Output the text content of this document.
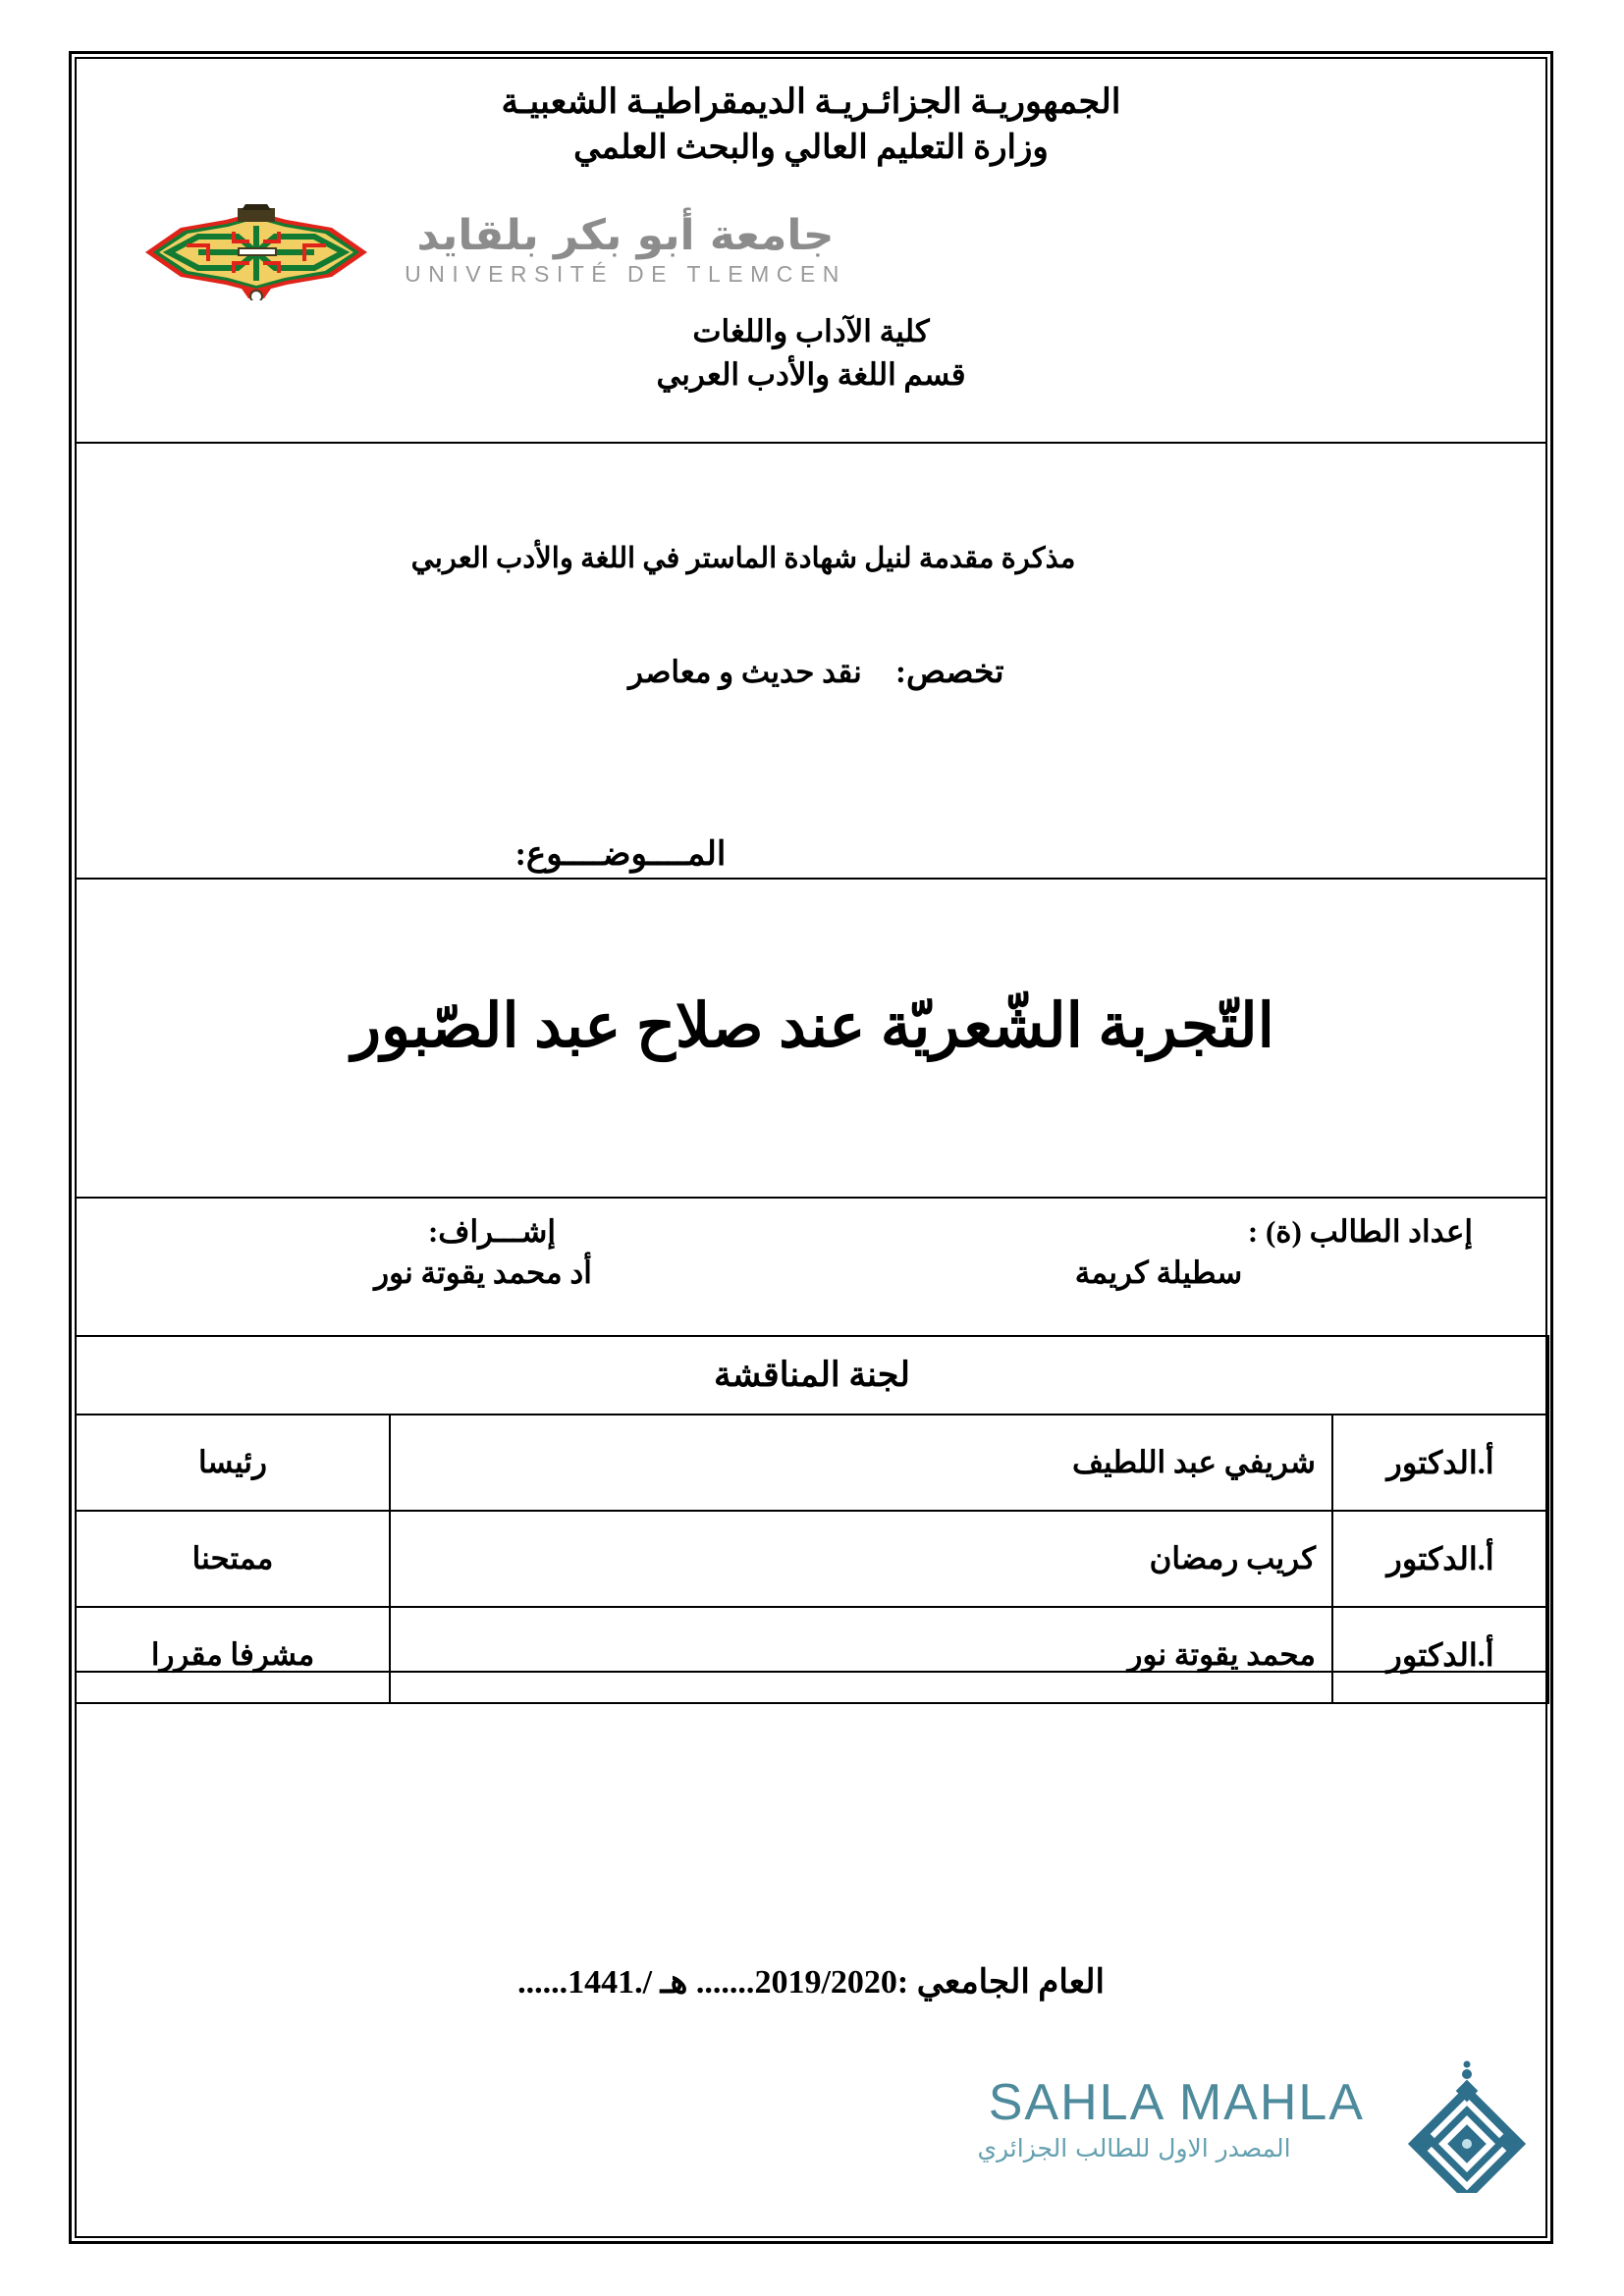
الجمهوريـة الجزائـريـة الديمقراطيـة الشعبيـة
وزارة التعليم العالي والبحث العلمي
جامعة أبو بكر بلقايد
UNIVERSITÉ DE TLEMCEN
كلية الآداب واللغات
قسم اللغة والأدب العربي
مذكرة مقدمة لنيل شهادة الماستر في اللغة والأدب العربي
تخصص: نقد حديث و معاصر
المــــوضــــوع:
التّجربة الشّعريّة عند صلاح عبد الصّبور
إعداد الطالب (ة) :
سطيلة كريمة
إشـــراف:
أد محمد يقوتة نور
لجنة المناقشة		
أ.الدكتور	شريفي عبد اللطيف	رئيسا
أ.الدكتور	كريب رمضان	ممتحنا
أ.الدكتور	محمد يقوتة نور	مشرفا مقررا
العام الجامعي :2019/2020....... هـ /.1441......
SAHLA MAHLA
المصدر الاول للطالب الجزائري
